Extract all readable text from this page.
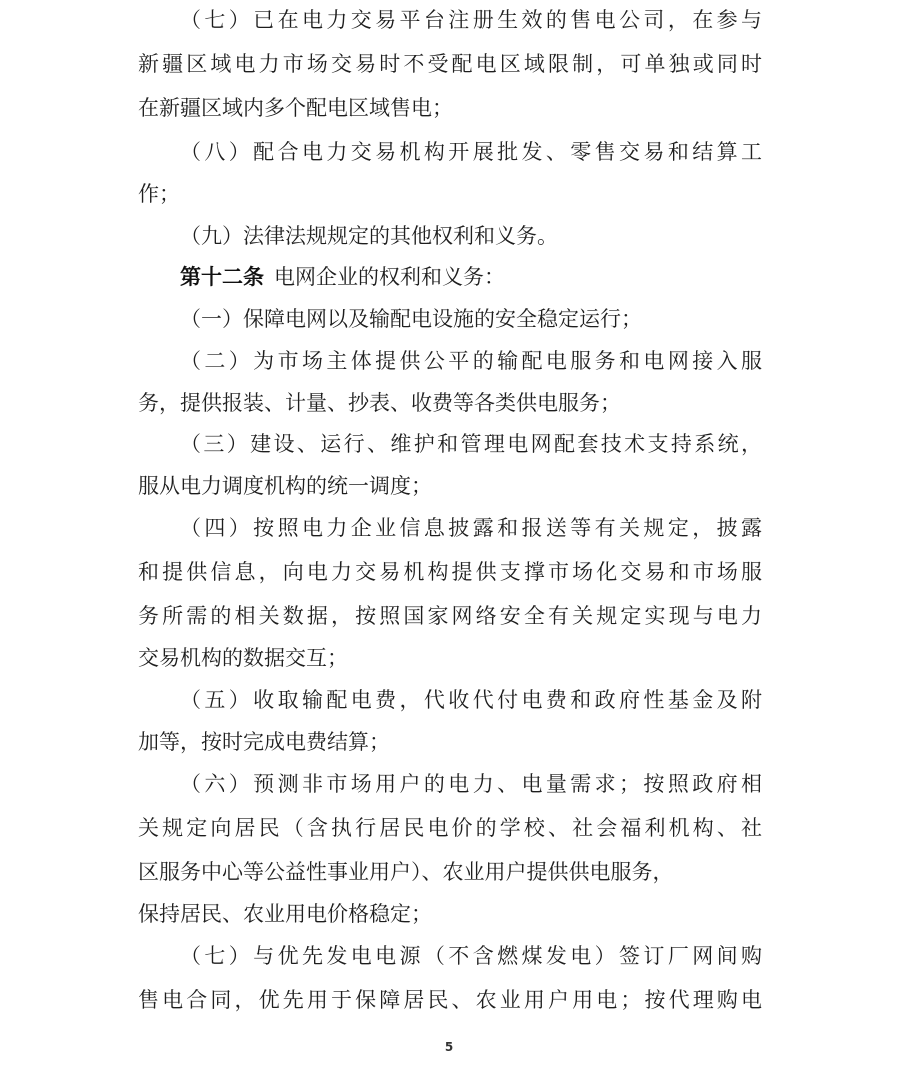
（七）已在电力交易平台注册生效的售电公司，在参与
新疆区域电力市场交易时不受配电区域限制，可单独或同时
在新疆区域内多个配电区域售电；
（八）配合电力交易机构开展批发、零售交易和结算工
作；
（九）法律法规规定的其他权利和义务。
第十二条 电网企业的权利和义务：
（一）保障电网以及输配电设施的安全稳定运行；
（二）为市场主体提供公平的输配电服务和电网接入服
务，提供报装、计量、抄表、收费等各类供电服务；
（三）建设、运行、维护和管理电网配套技术支持系统，
服从电力调度机构的统一调度；
（四）按照电力企业信息披露和报送等有关规定，披露
和提供信息，向电力交易机构提供支撑市场化交易和市场服
务所需的相关数据，按照国家网络安全有关规定实现与电力
交易机构的数据交互；
（五）收取输配电费，代收代付电费和政府性基金及附
加等，按时完成电费结算；
（六）预测非市场用户的电力、电量需求；按照政府相
关规定向居民（含执行居民电价的学校、社会福利机构、社
区服务中心等公益性事业用户）、农业用户提供供电服务，
保持居民、农业用电价格稳定；
（七）与优先发电电源（不含燃煤发电）签订厂网间购
售电合同，优先用于保障居民、农业用户用电；按代理购电
5
